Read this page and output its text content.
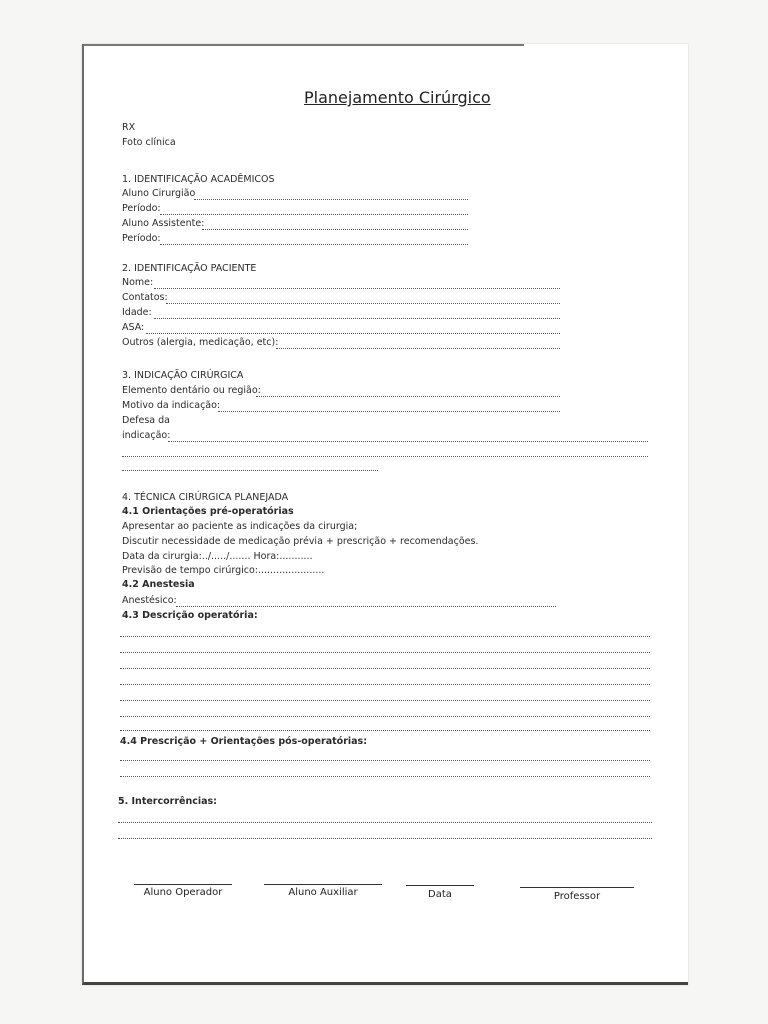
Planejamento Cirúrgico
RX
Foto clínica
1. IDENTIFICAÇÃO ACADÊMICOS
Aluno Cirurgião
Período:
Aluno Assistente:
Período:
2. IDENTIFICAÇÃO PACIENTE
Nome:
Contatos:
Idade:
ASA:
Outros (alergia, medicação, etc):
3. INDICAÇÃO CIRÚRGICA
Elemento dentário ou região:
Motivo da indicação:
Defesa da
indicação:
4. TÉCNICA CIRÚRGICA PLANEJADA
4.1 Orientações pré-operatórias
Apresentar ao paciente as indicações da cirurgia;
Discutir necessidade de medicação prévia + prescrição + recomendações.
Data da cirurgia:../...../....... Hora:...........
Previsão de tempo cirúrgico:......................
4.2 Anestesia
Anestésico:
4.3 Descrição operatória:
4.4 Prescrição + Orientações pós-operatórias:
5. Intercorrências:
Aluno Operador	Aluno Auxiliar	Data	Professor
